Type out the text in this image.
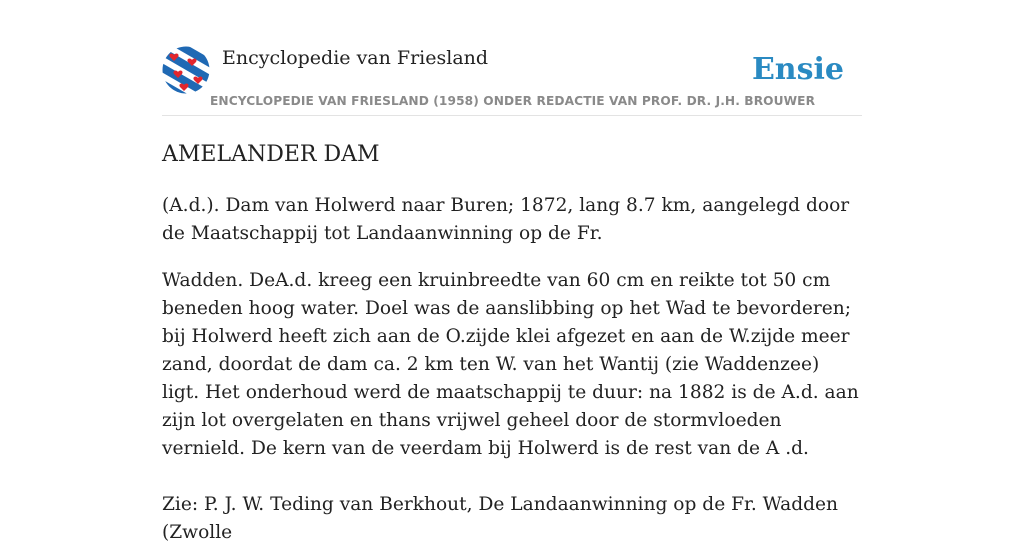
Encyclopedie van Friesland	Ensie
ENCYCLOPEDIE VAN FRIESLAND (1958) ONDER REDACTIE VAN PROF. DR. J.H. BROUWER
AMELANDER DAM

(A.d.). Dam van Holwerd naar Buren; 1872, lang 8.7 km, aangelegd door de Maatschappij tot Landaanwinning op de Fr.

Wadden. DeA.d. kreeg een kruinbreedte van 60 cm en reikte tot 50 cm beneden hoog water. Doel was de aanslibbing op het Wad te bevorderen; bij Holwerd heeft zich aan de O.zijde klei afgezet en aan de W.zijde meer zand, doordat de dam ca. 2 km ten W. van het Wantij (zie Waddenzee) ligt. Het onderhoud werd de maatschappij te duur: na 1882 is de A.d. aan zijn lot overgelaten en thans vrijwel geheel door de stormvloeden vernield. De kern van de veerdam bij Holwerd is de rest van de A .d.

Zie: P. J. W. Teding van Berkhout, De Landaanwinning op de Fr. Wadden (Zwolle
